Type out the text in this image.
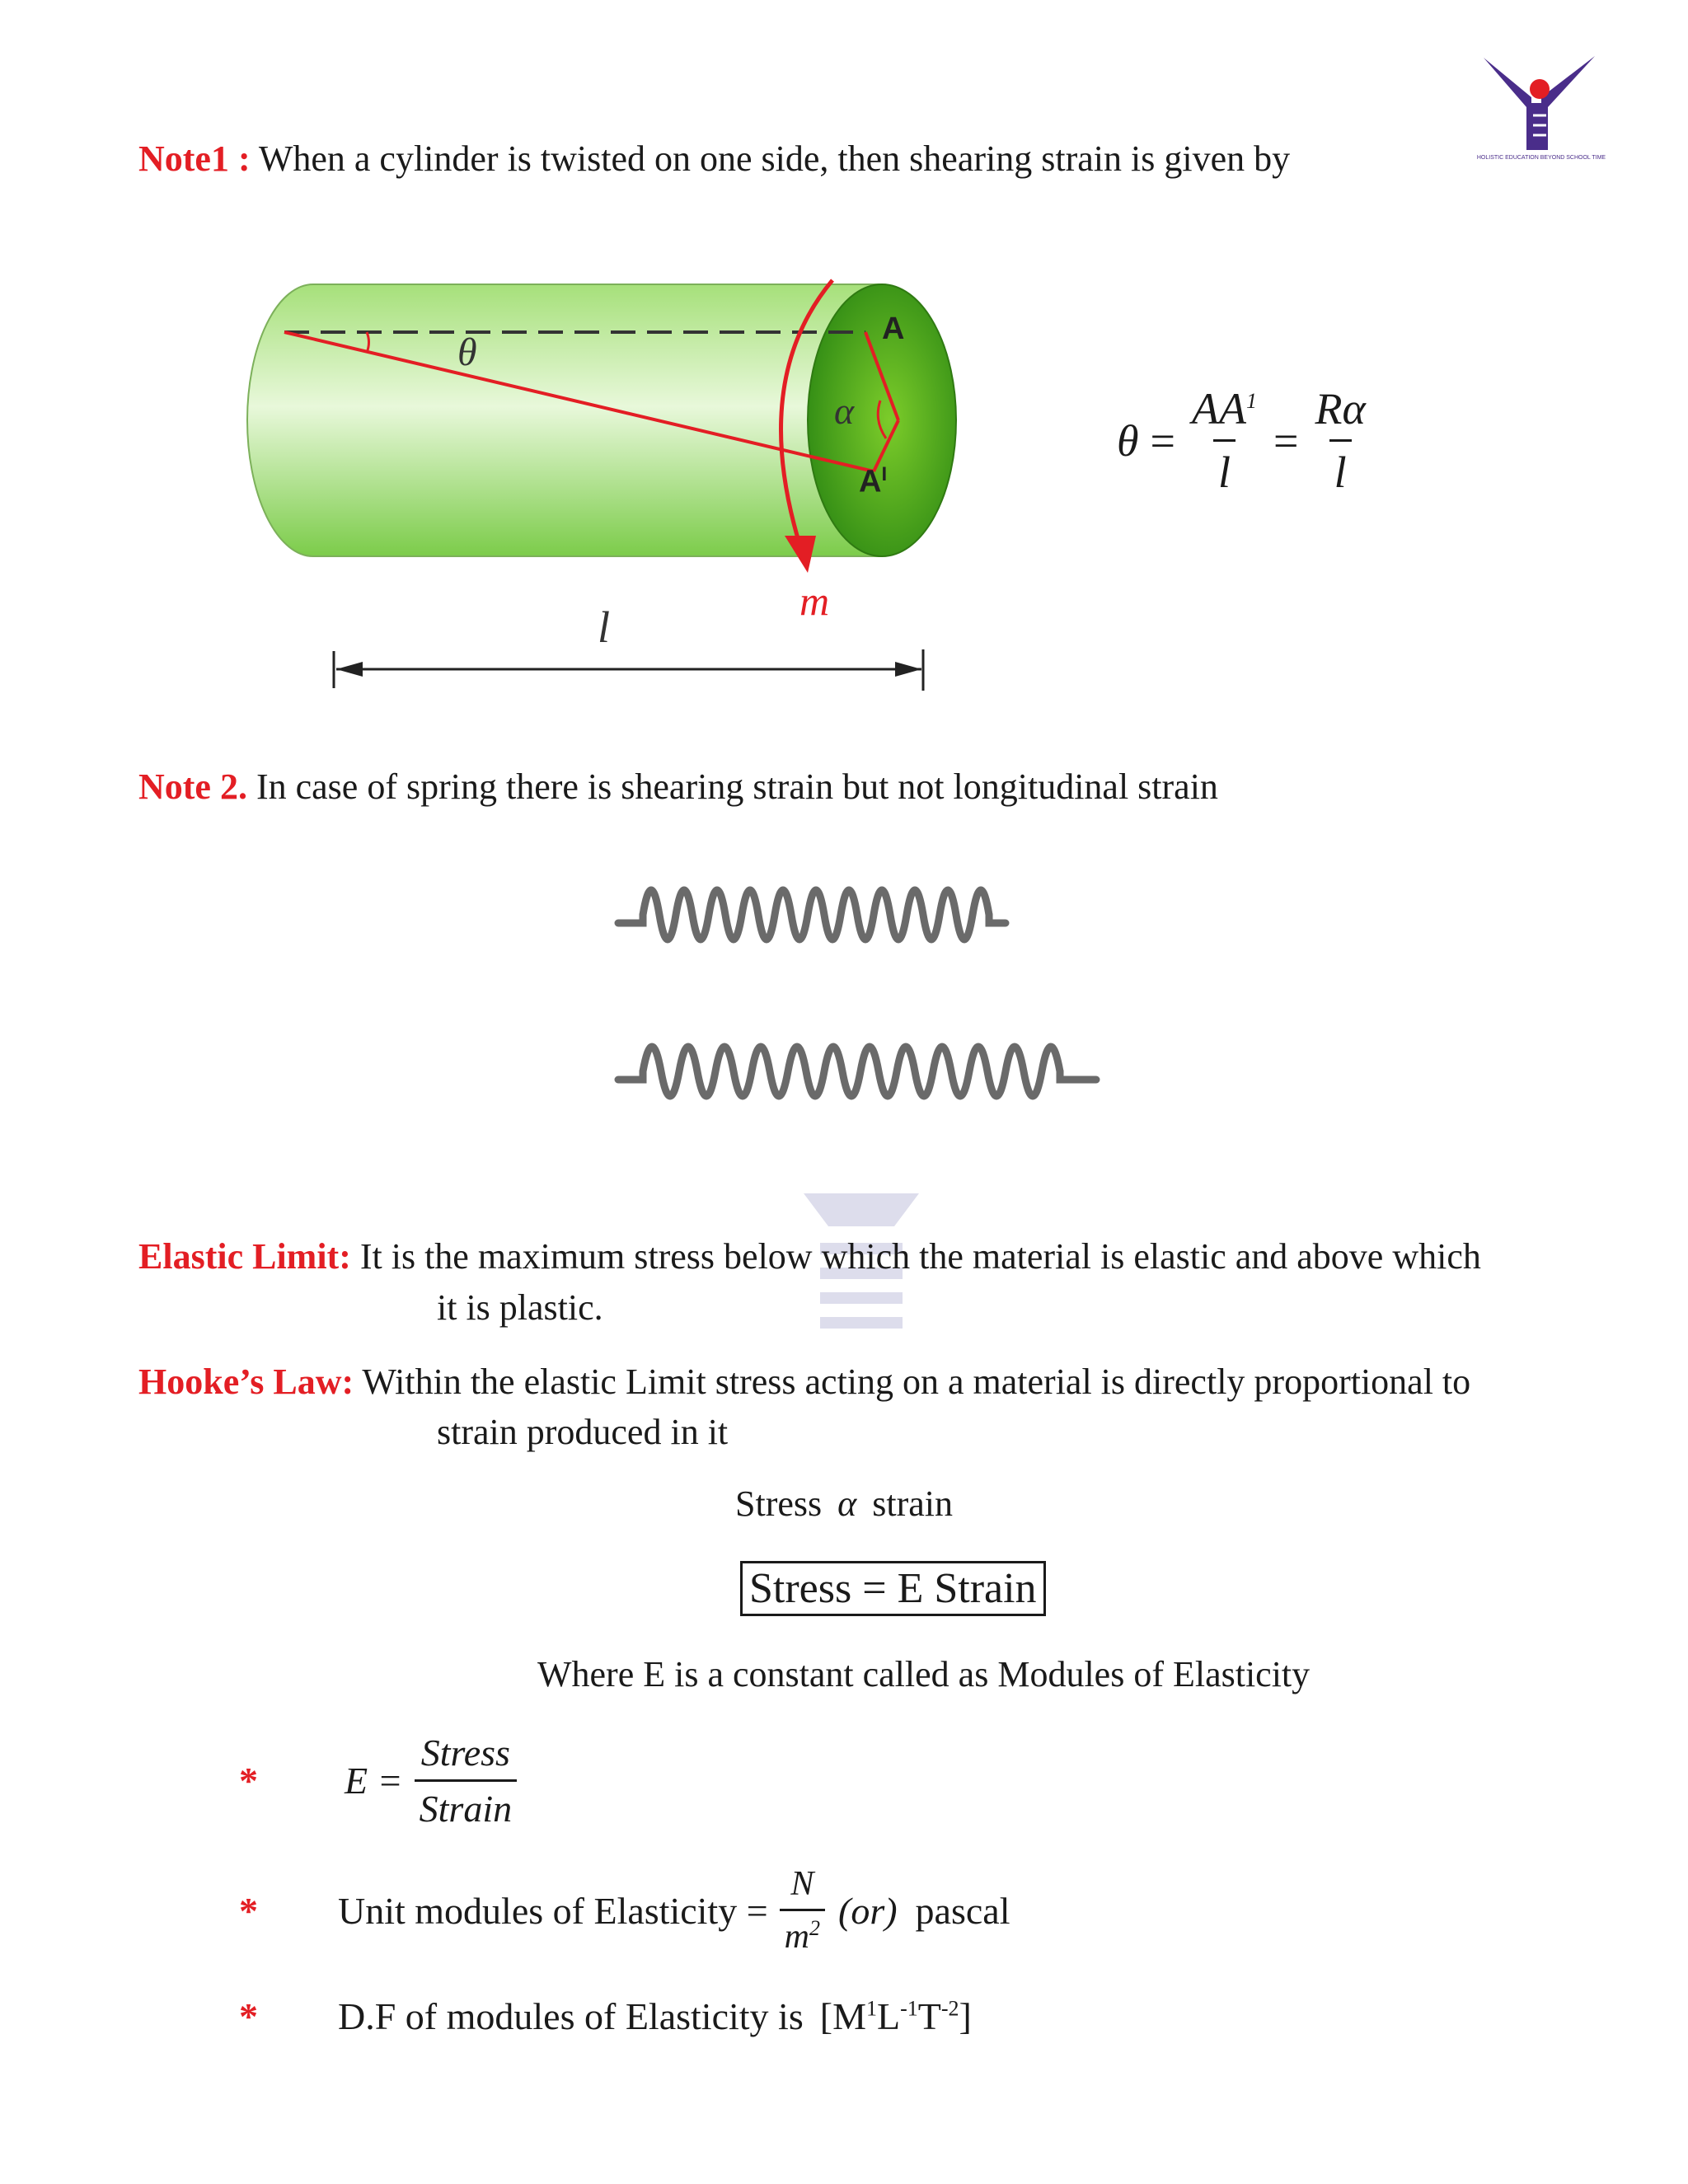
HOLISTIC EDUCATION BEYOND SCHOOL TIME
Note1 : When a cylinder is twisted on one side, then shearing strain is given by
θ
α
A
$A^I$
m
l
$\theta = \frac{AA^1}{l} = \frac{R\alpha}{l}$
Note 2. In case of spring there is shearing strain but not longitudinal strain
Elastic Limit: It is the maximum stress below which the material is elastic and above which
it is plastic.
Hooke’s Law: Within the elastic Limit stress acting on a material is directly proportional to
strain produced in it
Stress α strain
Stress = E Strain
Where E is a constant called as Modules of Elasticity
*	$E = \frac{\text{Stress}}{\text{Strain}}$
*	Unit modules of Elasticity = $\frac{N}{m^2} (or)$ pascal
*	D.F of modules of Elasticity is $[M^1L^{-1}T^{-2}]$
